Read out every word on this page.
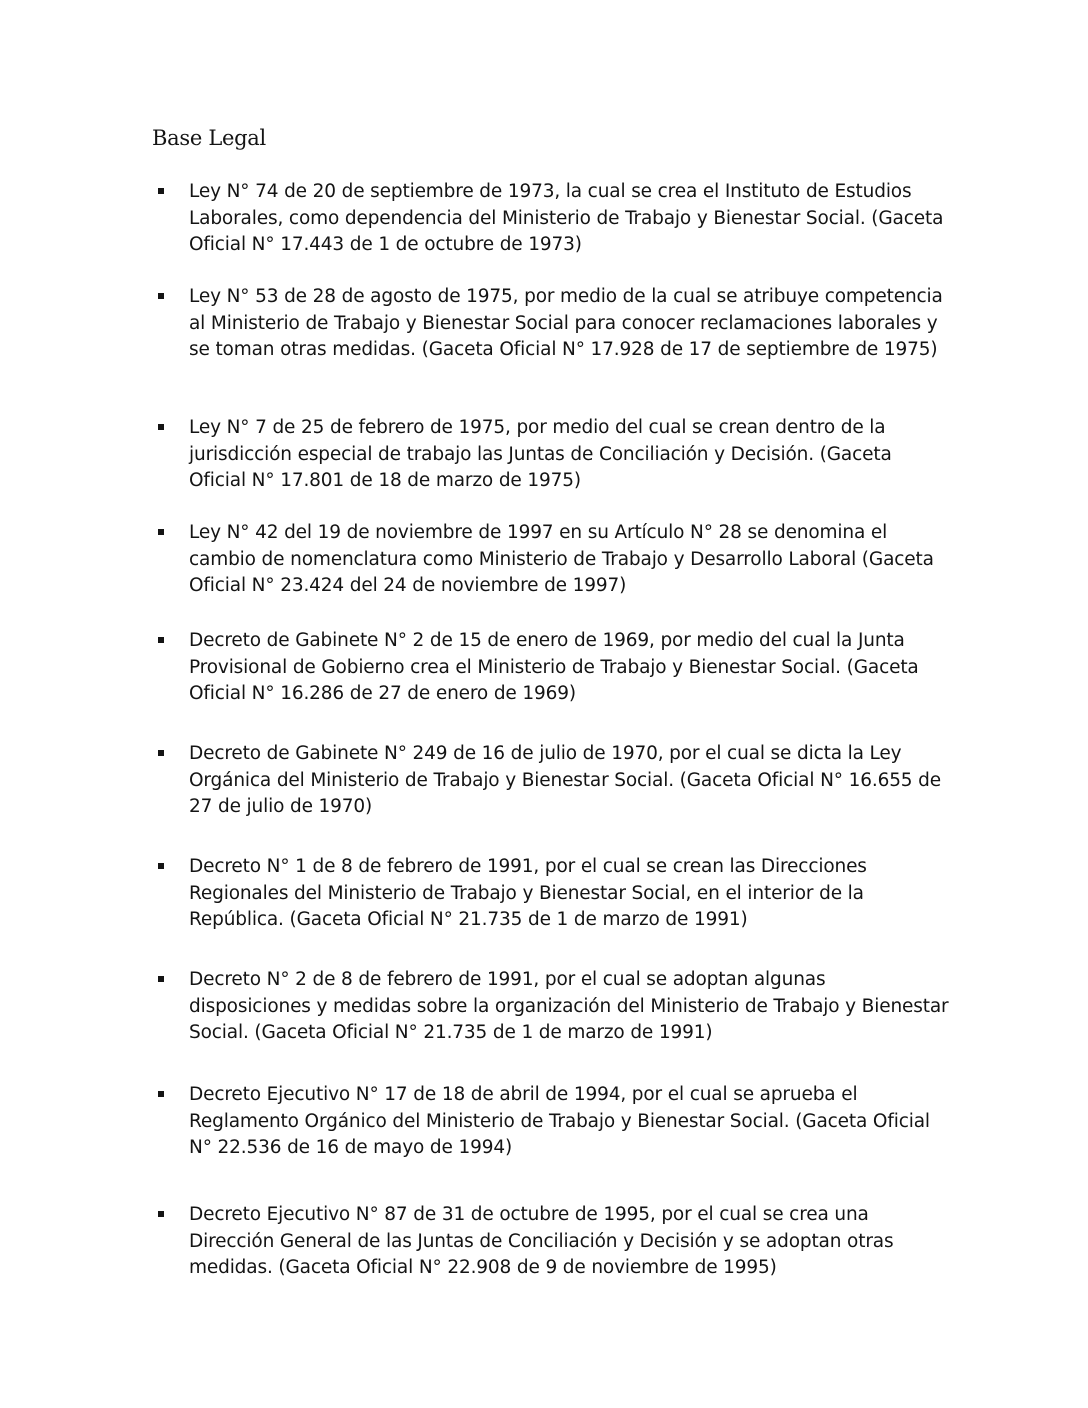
Base Legal
Ley N° 74 de 20 de septiembre de 1973, la cual se crea el Instituto de Estudios Laborales, como dependencia del Ministerio de Trabajo y Bienestar Social. (Gaceta Oficial N° 17.443 de 1 de octubre de 1973)
Ley N° 53 de 28 de agosto de 1975, por medio de la cual se atribuye competencia al Ministerio de Trabajo y Bienestar Social para conocer reclamaciones laborales y se toman otras medidas. (Gaceta Oficial N° 17.928 de 17 de septiembre de 1975)
Ley N° 7 de 25 de febrero de 1975, por medio del cual se crean dentro de la jurisdicción especial de trabajo las Juntas de Conciliación y Decisión. (Gaceta Oficial N° 17.801 de 18 de marzo de 1975)
Ley N° 42 del 19 de noviembre de 1997 en su Artículo N° 28 se denomina el cambio de nomenclatura como Ministerio de Trabajo y Desarrollo Laboral (Gaceta Oficial N° 23.424 del 24 de noviembre de 1997)
Decreto de Gabinete N° 2 de 15 de enero de 1969, por medio del cual la Junta Provisional de Gobierno crea el Ministerio de Trabajo y Bienestar Social. (Gaceta Oficial N° 16.286 de 27 de enero de 1969)
Decreto de Gabinete N° 249 de 16 de julio de 1970, por el cual se dicta la Ley Orgánica del Ministerio de Trabajo y Bienestar Social. (Gaceta Oficial N° 16.655 de 27 de julio de 1970)
Decreto N° 1 de 8 de febrero de 1991, por el cual se crean las Direcciones Regionales del Ministerio de Trabajo y Bienestar Social, en el interior de la República. (Gaceta Oficial N° 21.735 de 1 de marzo de 1991)
Decreto N° 2 de 8 de febrero de 1991, por el cual se adoptan algunas disposiciones y medidas sobre la organización del Ministerio de Trabajo y Bienestar Social. (Gaceta Oficial N° 21.735 de 1 de marzo de 1991)
Decreto Ejecutivo N° 17 de 18 de abril de 1994, por el cual se aprueba el Reglamento Orgánico del Ministerio de Trabajo y Bienestar Social. (Gaceta Oficial N° 22.536 de 16 de mayo de 1994)
Decreto Ejecutivo N° 87 de 31 de octubre de 1995, por el cual se crea una Dirección General de las Juntas de Conciliación y Decisión y se adoptan otras medidas. (Gaceta Oficial N° 22.908 de 9 de noviembre de 1995)
